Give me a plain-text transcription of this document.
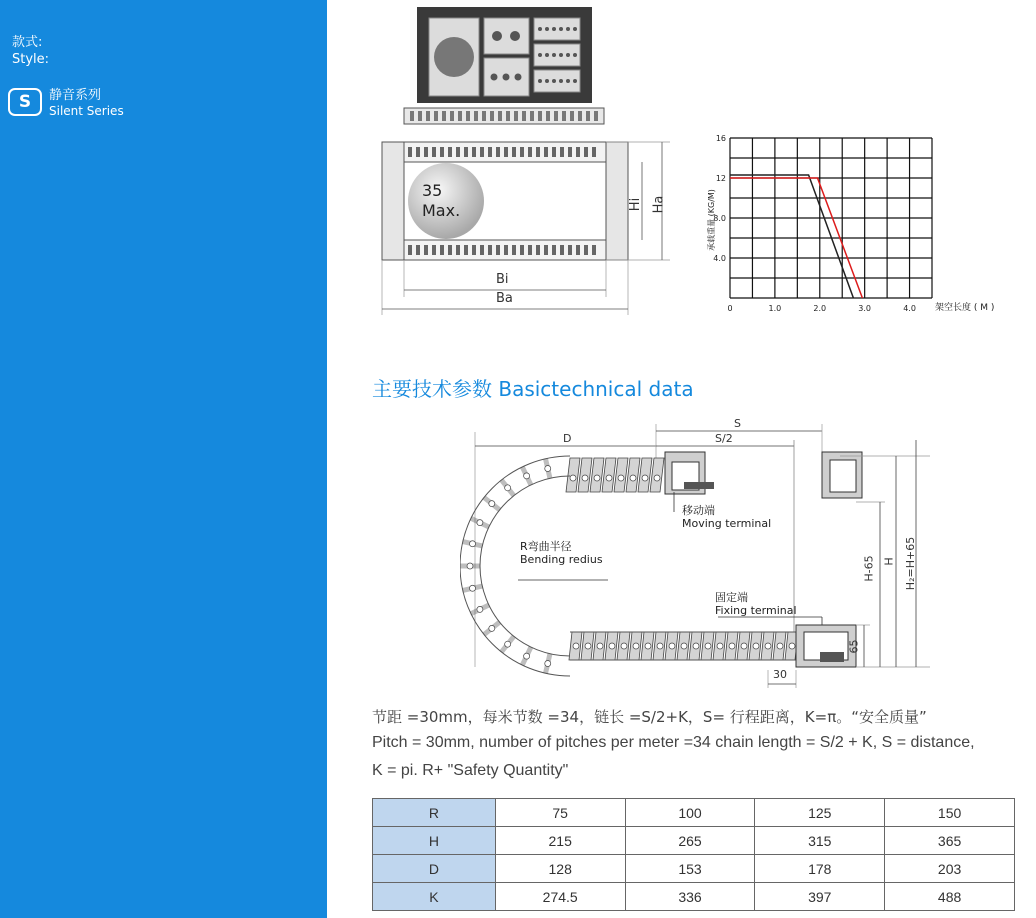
款式:
Style:
S	静音系列
Silent Series
35
Max.	Hi Ha
Bi
Ba
0	1.0	2.0	3.0	4.0
4.0
8.0
12
16
架空长度 ( M )
承载重量 (KG/M)
主要技术参数 Basictechnical data
D
S
S/2
移动端
Moving terminal
R弯曲半径
Bending redius
固定端
Fixing terminal
H-65 H H₂=H+65
65
30
节距 =30mm，每米节数 =34，链长 =S/2+K，S= 行程距离，K=π。“安全质量”
Pitch = 30mm, number of pitches per meter =34 chain length = S/2 + K, S = distance,
K = pi. R+ "Safety Quantity"
R	75	100	125	150
H	215	265	315	365
D	128	153	178	203
K	274.5	336	397	488
